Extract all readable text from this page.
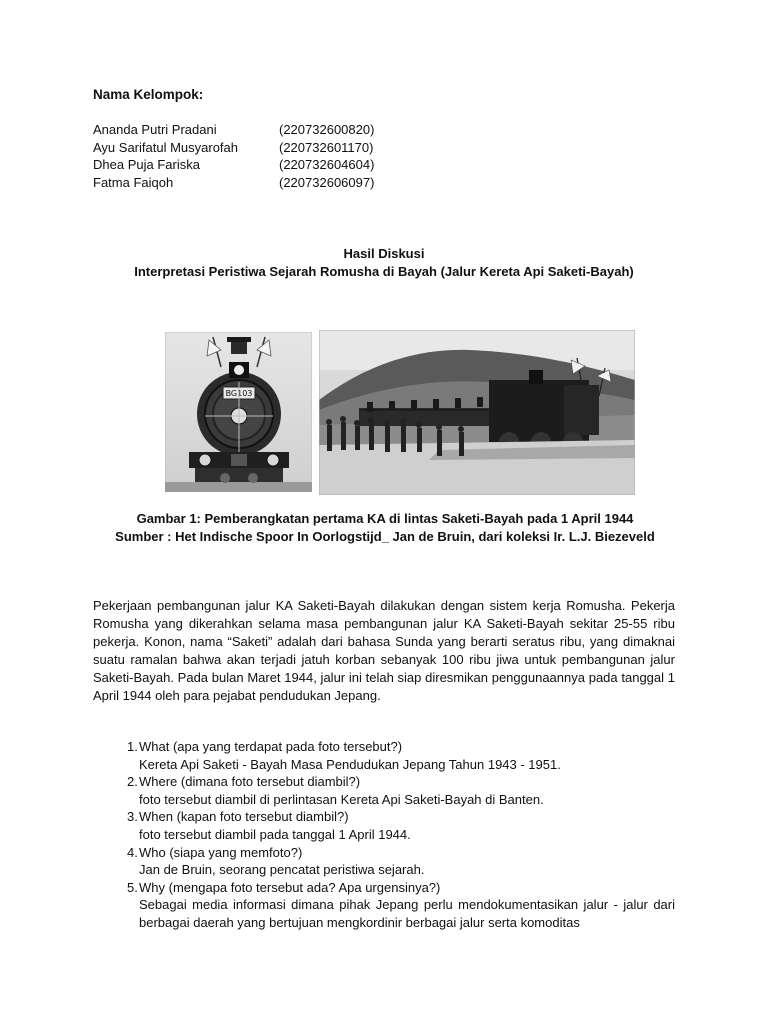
Nama Kelompok:
Ananda Putri Pradani	(220732600820)
Ayu Sarifatul Musyarofah	(220732601170)
Dhea Puja Fariska	(220732604604)
Fatma Faiqoh	(220732606097)
Hasil Diskusi
Interpretasi Peristiwa Sejarah Romusha di Bayah (Jalur Kereta Api Saketi-Bayah)
BG103
Gambar 1: Pemberangkatan pertama KA di lintas Saketi-Bayah pada 1 April 1944
Sumber : Het Indische Spoor In Oorlogstijd_ Jan de Bruin, dari koleksi Ir. L.J. Biezeveld
Pekerjaan pembangunan jalur KA Saketi-Bayah dilakukan dengan sistem kerja Romusha. Pekerja Romusha yang dikerahkan selama masa pembangunan jalur KA Saketi-Bayah sekitar 25-55 ribu pekerja. Konon, nama “Saketi” adalah dari bahasa Sunda yang berarti seratus ribu, yang dimaknai suatu ramalan bahwa akan terjadi jatuh korban sebanyak 100 ribu jiwa untuk pembangunan jalur Saketi-Bayah. Pada bulan Maret 1944, jalur ini telah siap diresmikan penggunaannya pada tanggal 1 April 1944 oleh para pejabat pendudukan Jepang.
1. What (apa yang terdapat pada foto tersebut?)
Kereta Api Saketi - Bayah Masa Pendudukan Jepang Tahun 1943 - 1951.
2. Where (dimana foto tersebut diambil?)
foto tersebut diambil di perlintasan Kereta Api Saketi-Bayah di Banten.
3. When (kapan foto tersebut diambil?)
foto tersebut diambil pada tanggal 1 April 1944.
4. Who (siapa yang memfoto?)
Jan de Bruin, seorang pencatat peristiwa sejarah.
5. Why (mengapa foto tersebut ada? Apa urgensinya?)
Sebagai media informasi dimana pihak Jepang perlu mendokumentasikan jalur - jalur dari berbagai daerah yang bertujuan mengkordinir berbagai jalur serta komoditas
